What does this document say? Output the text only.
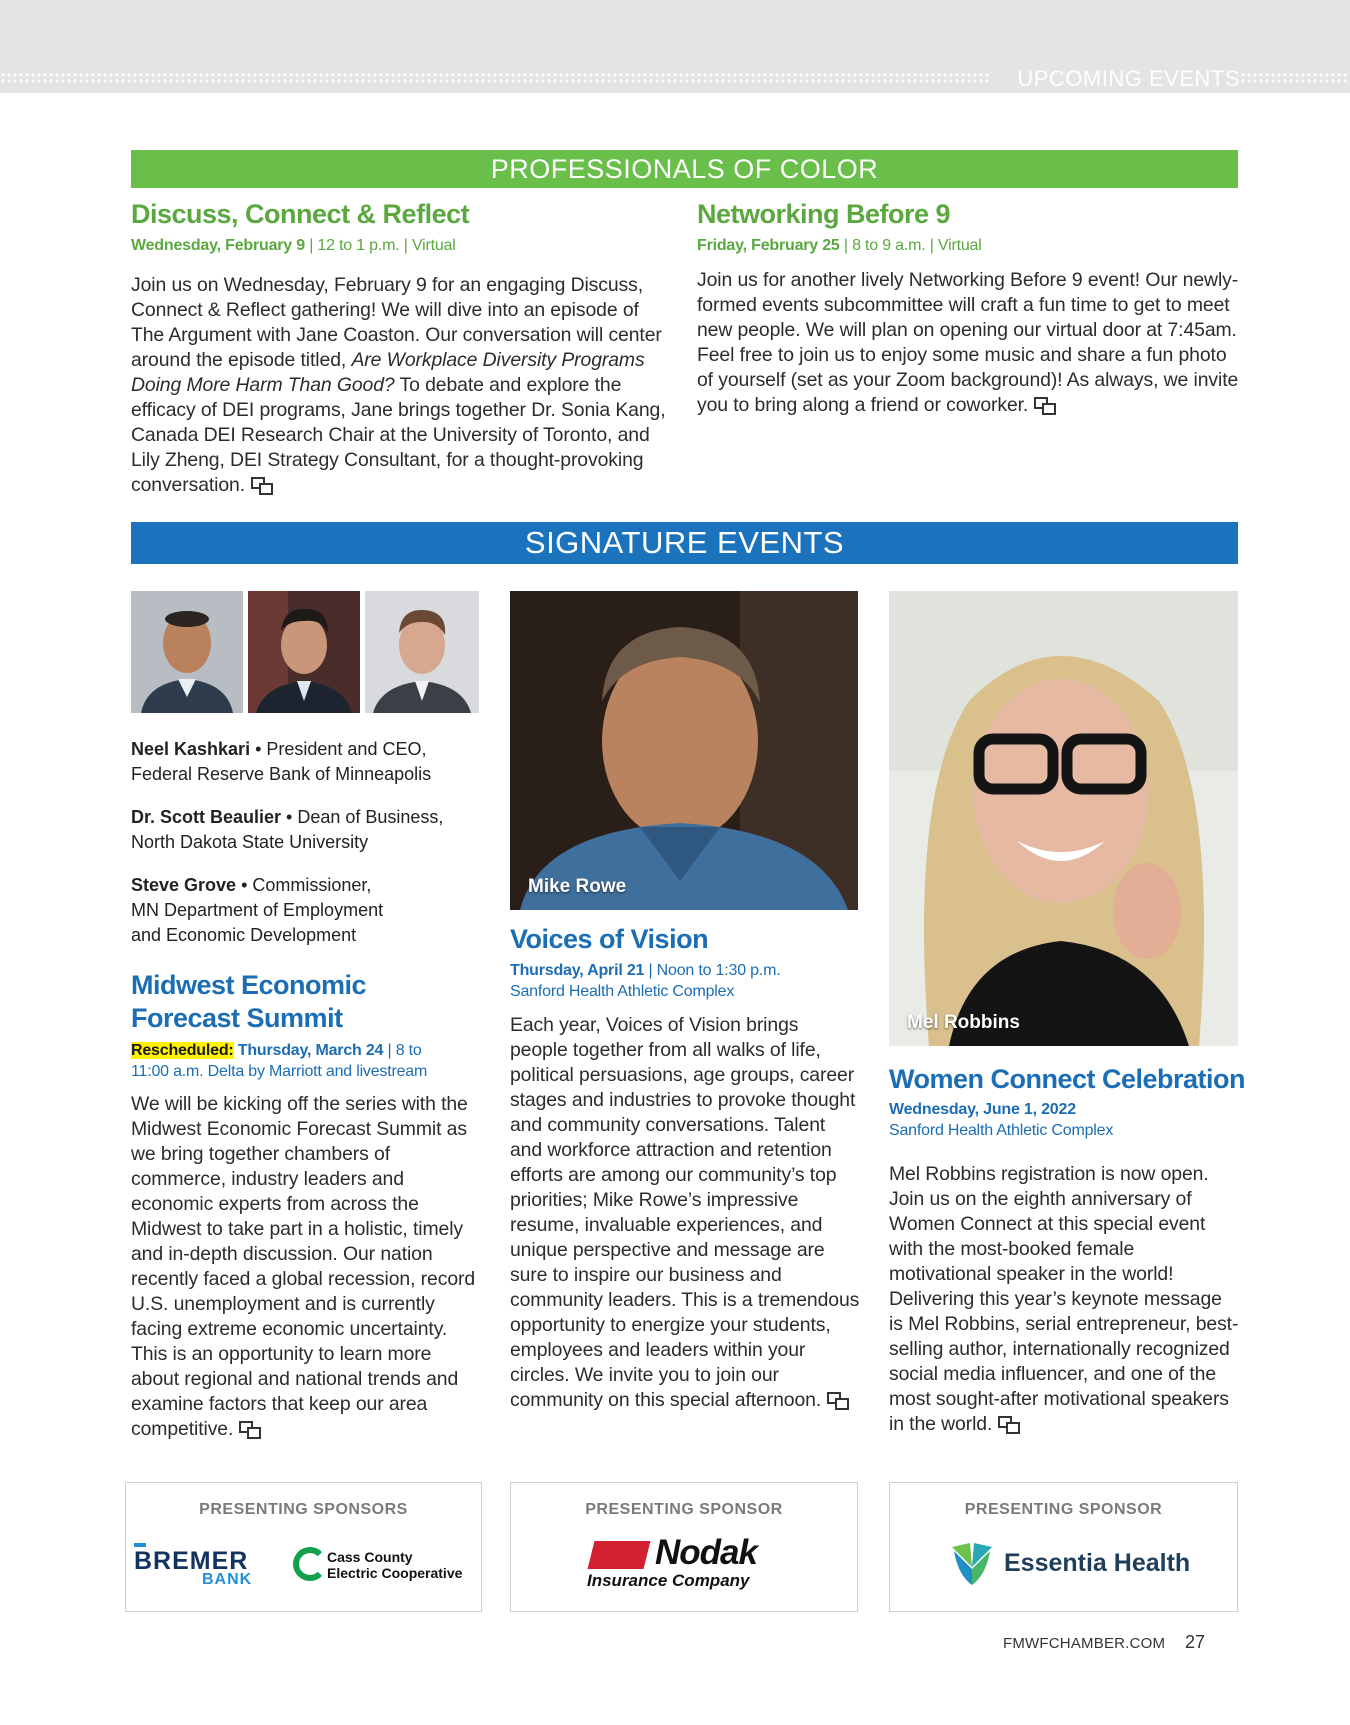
UPCOMING EVENTS
PROFESSIONALS OF COLOR
Discuss, Connect & Reflect
Wednesday, February 9 | 12 to 1 p.m. | Virtual
Join us on Wednesday, February 9 for an engaging Discuss, Connect & Reflect gathering! We will dive into an episode of The Argument with Jane Coaston. Our conversation will center around the episode titled, Are Workplace Diversity Programs Doing More Harm Than Good? To debate and explore the efficacy of DEI programs, Jane brings together Dr. Sonia Kang, Canada DEI Research Chair at the University of Toronto, and Lily Zheng, DEI Strategy Consultant, for a thought-provoking conversation.
Networking Before 9
Friday, February 25 | 8 to 9 a.m. | Virtual
Join us for another lively Networking Before 9 event! Our newly-formed events subcommittee will craft a fun time to get to meet new people. We will plan on opening our virtual door at 7:45am. Feel free to join us to enjoy some music and share a fun photo of yourself (set as your Zoom background)! As always, we invite you to bring along a friend or coworker.
SIGNATURE EVENTS
Neel Kashkari • President and CEO,
Federal Reserve Bank of Minneapolis
Dr. Scott Beaulier • Dean of Business,
North Dakota State University
Steve Grove • Commissioner,
MN Department of Employment
and Economic Development
Midwest Economic
Forecast Summit
Rescheduled: Thursday, March 24 | 8 to
11:00 a.m. Delta by Marriott and livestream
We will be kicking off the series with the Midwest Economic Forecast Summit as we bring together chambers of commerce, industry leaders and economic experts from across the Midwest to take part in a holistic, timely and in-depth discussion. Our nation recently faced a global recession, record U.S. unemployment and is currently facing extreme economic uncertainty. This is an opportunity to learn more about regional and national trends and examine factors that keep our area competitive.
Mike Rowe
Voices of Vision
Thursday, April 21 | Noon to 1:30 p.m.
Sanford Health Athletic Complex
Each year, Voices of Vision brings people together from all walks of life, political persuasions, age groups, career stages and industries to provoke thought and community conversations. Talent and workforce attraction and retention efforts are among our community’s top priorities; Mike Rowe’s impressive resume, invaluable experiences, and unique perspective and message are sure to inspire our business and community leaders. This is a tremendous opportunity to energize your students, employees and leaders within your circles. We invite you to join our community on this special afternoon.
Mel Robbins
Women Connect Celebration
Wednesday, June 1, 2022
Sanford Health Athletic Complex
Mel Robbins registration is now open. Join us on the eighth anniversary of Women Connect at this special event with the most-booked female motivational speaker in the world! Delivering this year’s keynote message is Mel Robbins, serial entrepreneur, best-selling author, internationally recognized social media influencer, and one of the most sought-after motivational speakers in the world.
PRESENTING SPONSORS
BREMER
BANK
Cass County
Electric Cooperative
PRESENTING SPONSOR
Nodak
Insurance Company
PRESENTING SPONSOR
Essentia Health
FMWFCHAMBER.COM 27
